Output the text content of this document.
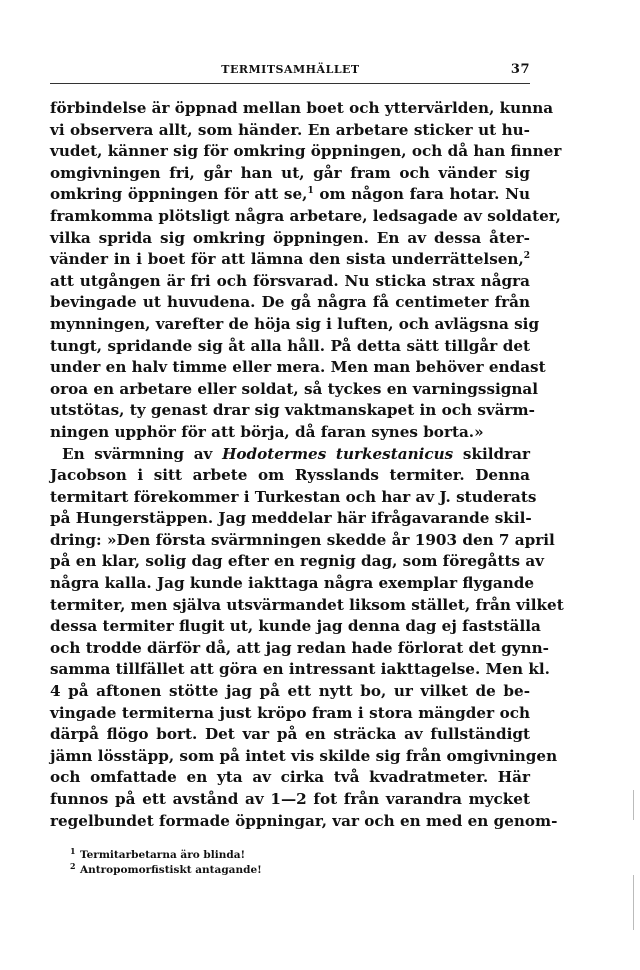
TERMITSAMHÄLLET	37
förbindelse är öppnad mellan boet och yttervärlden, kunna
vi observera allt, som händer. En arbetare sticker ut hu-
vudet, känner sig för omkring öppningen, och då han finner
omgivningen fri, går han ut, går fram och vänder sig
omkring öppningen för att se,$^1$ om någon fara hotar. Nu
framkomma plötsligt några arbetare, ledsagade av soldater,
vilka sprida sig omkring öppningen. En av dessa åter-
vänder in i boet för att lämna den sista underrättelsen,$^2$
att utgången är fri och försvarad. Nu sticka strax några
bevingade ut huvudena. De gå några få centimeter från
mynningen, varefter de höja sig i luften, och avlägsna sig
tungt, spridande sig åt alla håll. På detta sätt tillgår det
under en halv timme eller mera. Men man behöver endast
oroa en arbetare eller soldat, så tyckes en varningssignal
utstötas, ty genast drar sig vaktmanskapet in och svärm-
ningen upphör för att börja, då faran synes borta.»
En svärmning av Hodotermes turkestanicus skildrar
Jacobson i sitt arbete om Rysslands termiter. Denna
termitart förekommer i Turkestan och har av J. studerats
på Hungerstäppen. Jag meddelar här ifrågavarande skil-
dring: »Den första svärmningen skedde år 1903 den 7 april
på en klar, solig dag efter en regnig dag, som föregåtts av
några kalla. Jag kunde iakttaga några exemplar flygande
termiter, men själva utsvärmandet liksom stället, från vilket
dessa termiter flugit ut, kunde jag denna dag ej fastställa
och trodde därför då, att jag redan hade förlorat det gynn-
samma tillfället att göra en intressant iakttagelse. Men kl.
4 på aftonen stötte jag på ett nytt bo, ur vilket de be-
vingade termiterna just kröpo fram i stora mängder och
därpå flögo bort. Det var på en sträcka av fullständigt
jämn lösstäpp, som på intet vis skilde sig från omgivningen
och omfattade en yta av cirka två kvadratmeter. Här
funnos på ett avstånd av 1—2 fot från varandra mycket
regelbundet formade öppningar, var och en med en genom-
1 Termitarbetarna äro blinda!
2 Antropomorfistiskt antagande!
